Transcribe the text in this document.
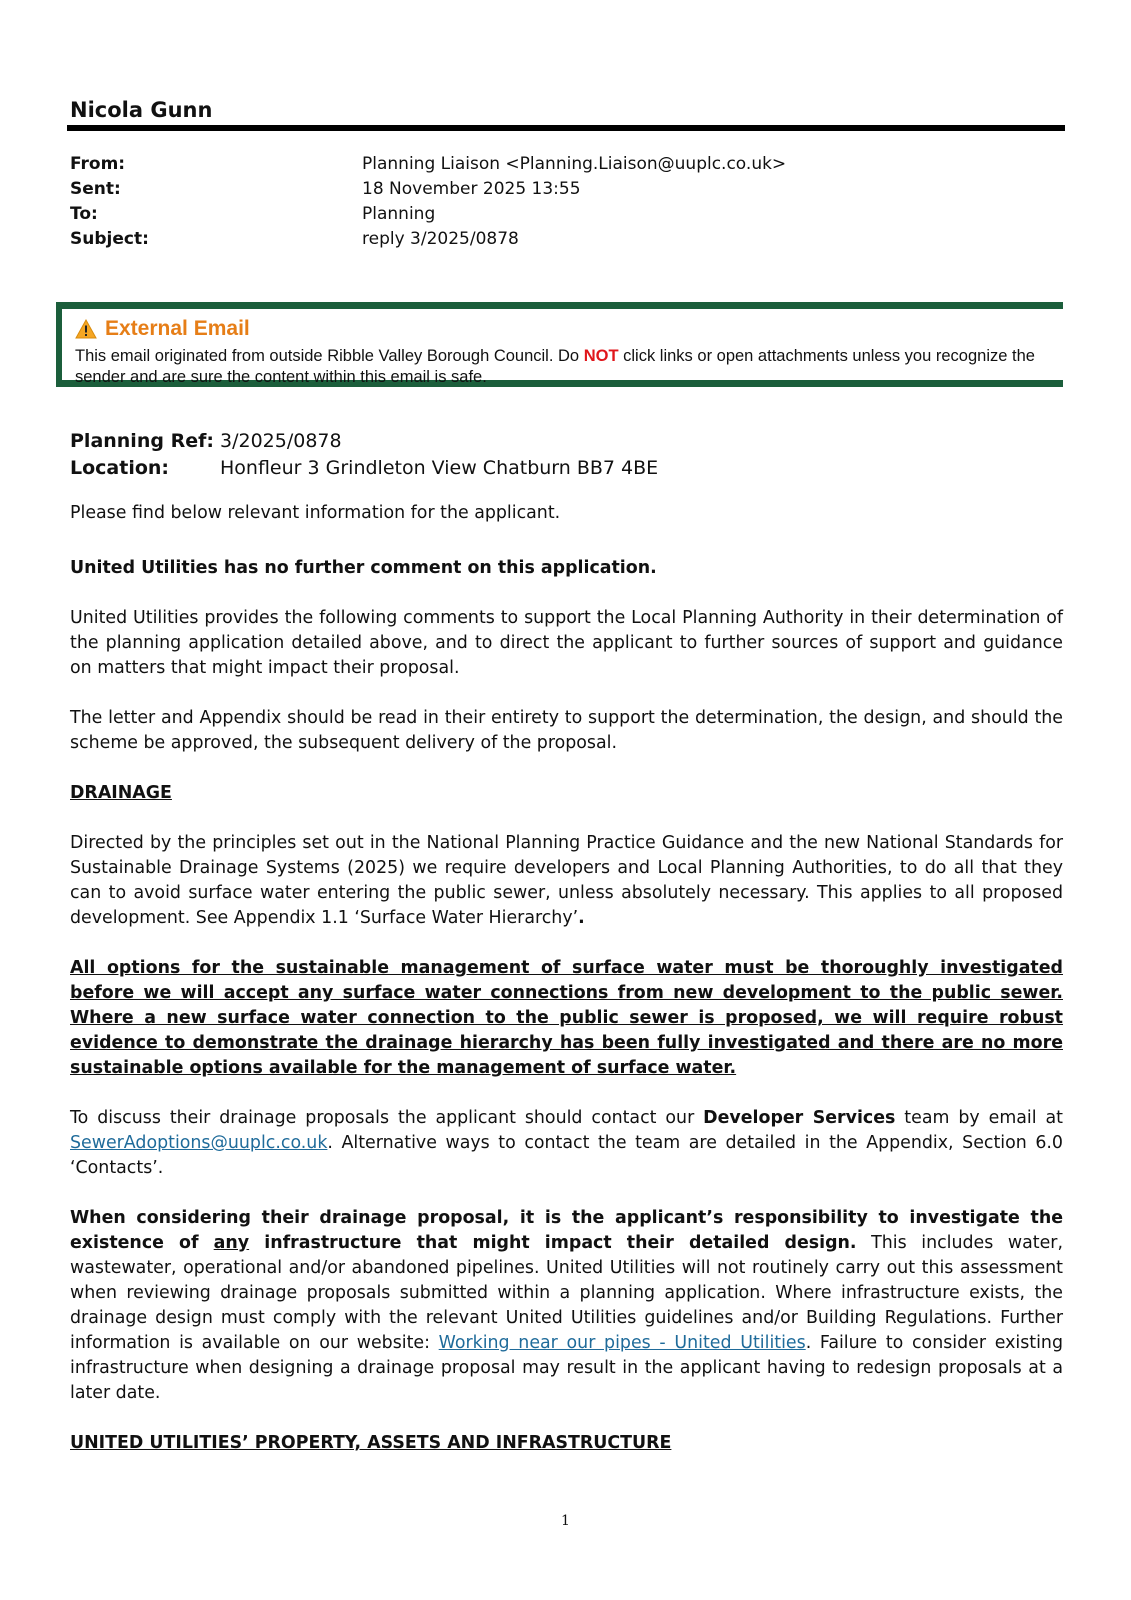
Nicola Gunn
From:	Planning Liaison <Planning.Liaison@uuplc.co.uk>
Sent:	18 November 2025 13:55
To:	Planning
Subject:	reply 3/2025/0878
External Email
This email originated from outside Ribble Valley Borough Council. Do NOT click links or open attachments unless you recognize the sender and are sure the content within this email is safe.
Planning Ref: 3/2025/0878
Location:	Honfleur 3 Grindleton View Chatburn BB7 4BE
Please find below relevant information for the applicant.
United Utilities has no further comment on this application.
United Utilities provides the following comments to support the Local Planning Authority in their determination of the planning application detailed above, and to direct the applicant to further sources of support and guidance on matters that might impact their proposal.
The letter and Appendix should be read in their entirety to support the determination, the design, and should the scheme be approved, the subsequent delivery of the proposal.
DRAINAGE
Directed by the principles set out in the National Planning Practice Guidance and the new National Standards for Sustainable Drainage Systems (2025) we require developers and Local Planning Authorities, to do all that they can to avoid surface water entering the public sewer, unless absolutely necessary. This applies to all proposed development. See Appendix 1.1 ‘Surface Water Hierarchy’.
All options for the sustainable management of surface water must be thoroughly investigated before we will accept any surface water connections from new development to the public sewer. Where a new surface water connection to the public sewer is proposed, we will require robust evidence to demonstrate the drainage hierarchy has been fully investigated and there are no more sustainable options available for the management of surface water.
To discuss their drainage proposals the applicant should contact our Developer Services team by email at SewerAdoptions@uuplc.co.uk. Alternative ways to contact the team are detailed in the Appendix, Section 6.0 ‘Contacts’.
When considering their drainage proposal, it is the applicant’s responsibility to investigate the existence of any infrastructure that might impact their detailed design. This includes water, wastewater, operational and/or abandoned pipelines. United Utilities will not routinely carry out this assessment when reviewing drainage proposals submitted within a planning application. Where infrastructure exists, the drainage design must comply with the relevant United Utilities guidelines and/or Building Regulations. Further information is available on our website: Working near our pipes - United Utilities. Failure to consider existing infrastructure when designing a drainage proposal may result in the applicant having to redesign proposals at a later date.
UNITED UTILITIES’ PROPERTY, ASSETS AND INFRASTRUCTURE
1
